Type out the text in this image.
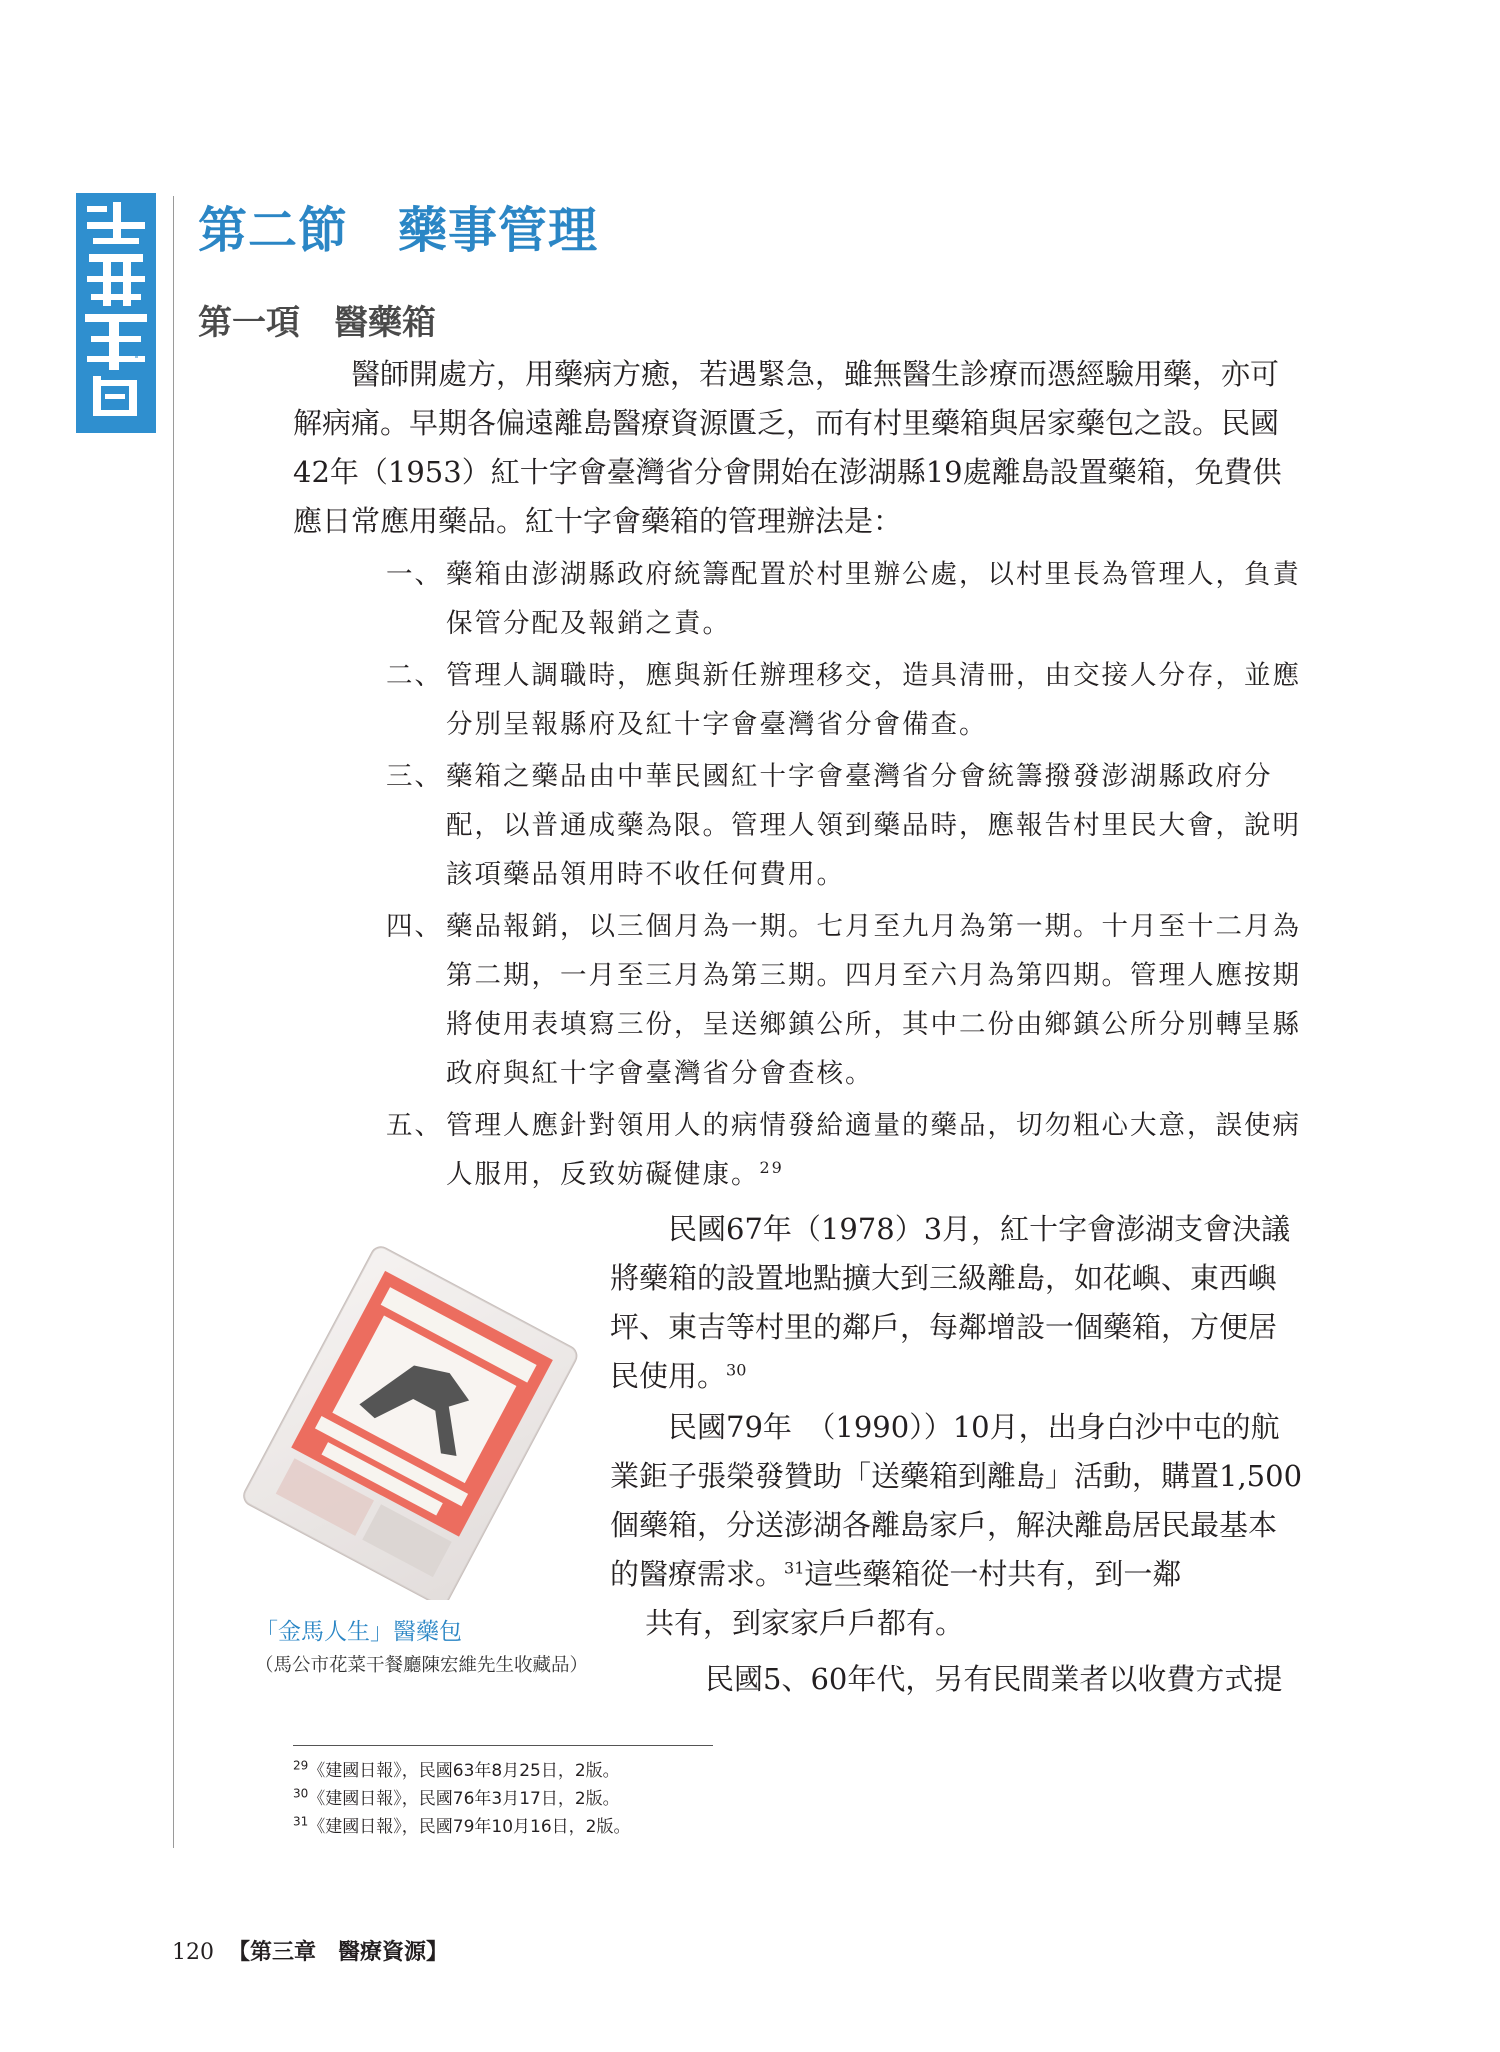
第二節　藥事管理
第一項　醫藥箱

醫師開處方，用藥病方癒，若遇緊急，雖無醫生診療而憑經驗用藥，亦可解病痛。早期各偏遠離島醫療資源匱乏，而有村里藥箱與居家藥包之設。民國42年（1953）紅十字會臺灣省分會開始在澎湖縣19處離島設置藥箱，免費供應日常應用藥品。紅十字會藥箱的管理辦法是：

一、 藥箱由澎湖縣政府統籌配置於村里辦公處，以村里長為管理人，負責保管分配及報銷之責。
二、 管理人調職時，應與新任辦理移交，造具清冊，由交接人分存，並應分別呈報縣府及紅十字會臺灣省分會備查。
三、 藥箱之藥品由中華民國紅十字會臺灣省分會統籌撥發澎湖縣政府分配，以普通成藥為限。管理人領到藥品時，應報告村里民大會，說明該項藥品領用時不收任何費用。
四、 藥品報銷，以三個月為一期。七月至九月為第一期。十月至十二月為第二期，一月至三月為第三期。四月至六月為第四期。管理人應按期將使用表填寫三份，呈送鄉鎮公所，其中二份由鄉鎮公所分別轉呈縣政府與紅十字會臺灣省分會查核。
五、 管理人應針對領用人的病情發給適量的藥品，切勿粗心大意，誤使病人服用，反致妨礙健康。$^{29}$

民國67年（1978）3月，紅十字會澎湖支會決議將藥箱的設置地點擴大到三級離島，如花嶼、東西嶼坪、東吉等村里的鄰戶，每鄰增設一個藥箱，方便居民使用。$^{30}$

民國79年　（1990））10月，出身白沙中屯的航業鉅子張榮發贊助「送藥箱到離島」活動，購置1,500個藥箱，分送澎湖各離島家戶，解決離島居民最基本的醫療需求。$^{31}$這些藥箱從一村共有，到一鄰

共有，到家家戶戶都有。

民國5、60年代，另有民間業者以收費方式提

「金馬人生」醫藥包

（馬公市花菜干餐廳陳宏維先生收藏品）

$^{29}$《建國日報》，民國63年8月25日，2版。
$^{30}$《建國日報》，民國76年3月17日，2版。
$^{31}$《建國日報》，民國79年10月16日，2版。
120 【第三章　醫療資源】
